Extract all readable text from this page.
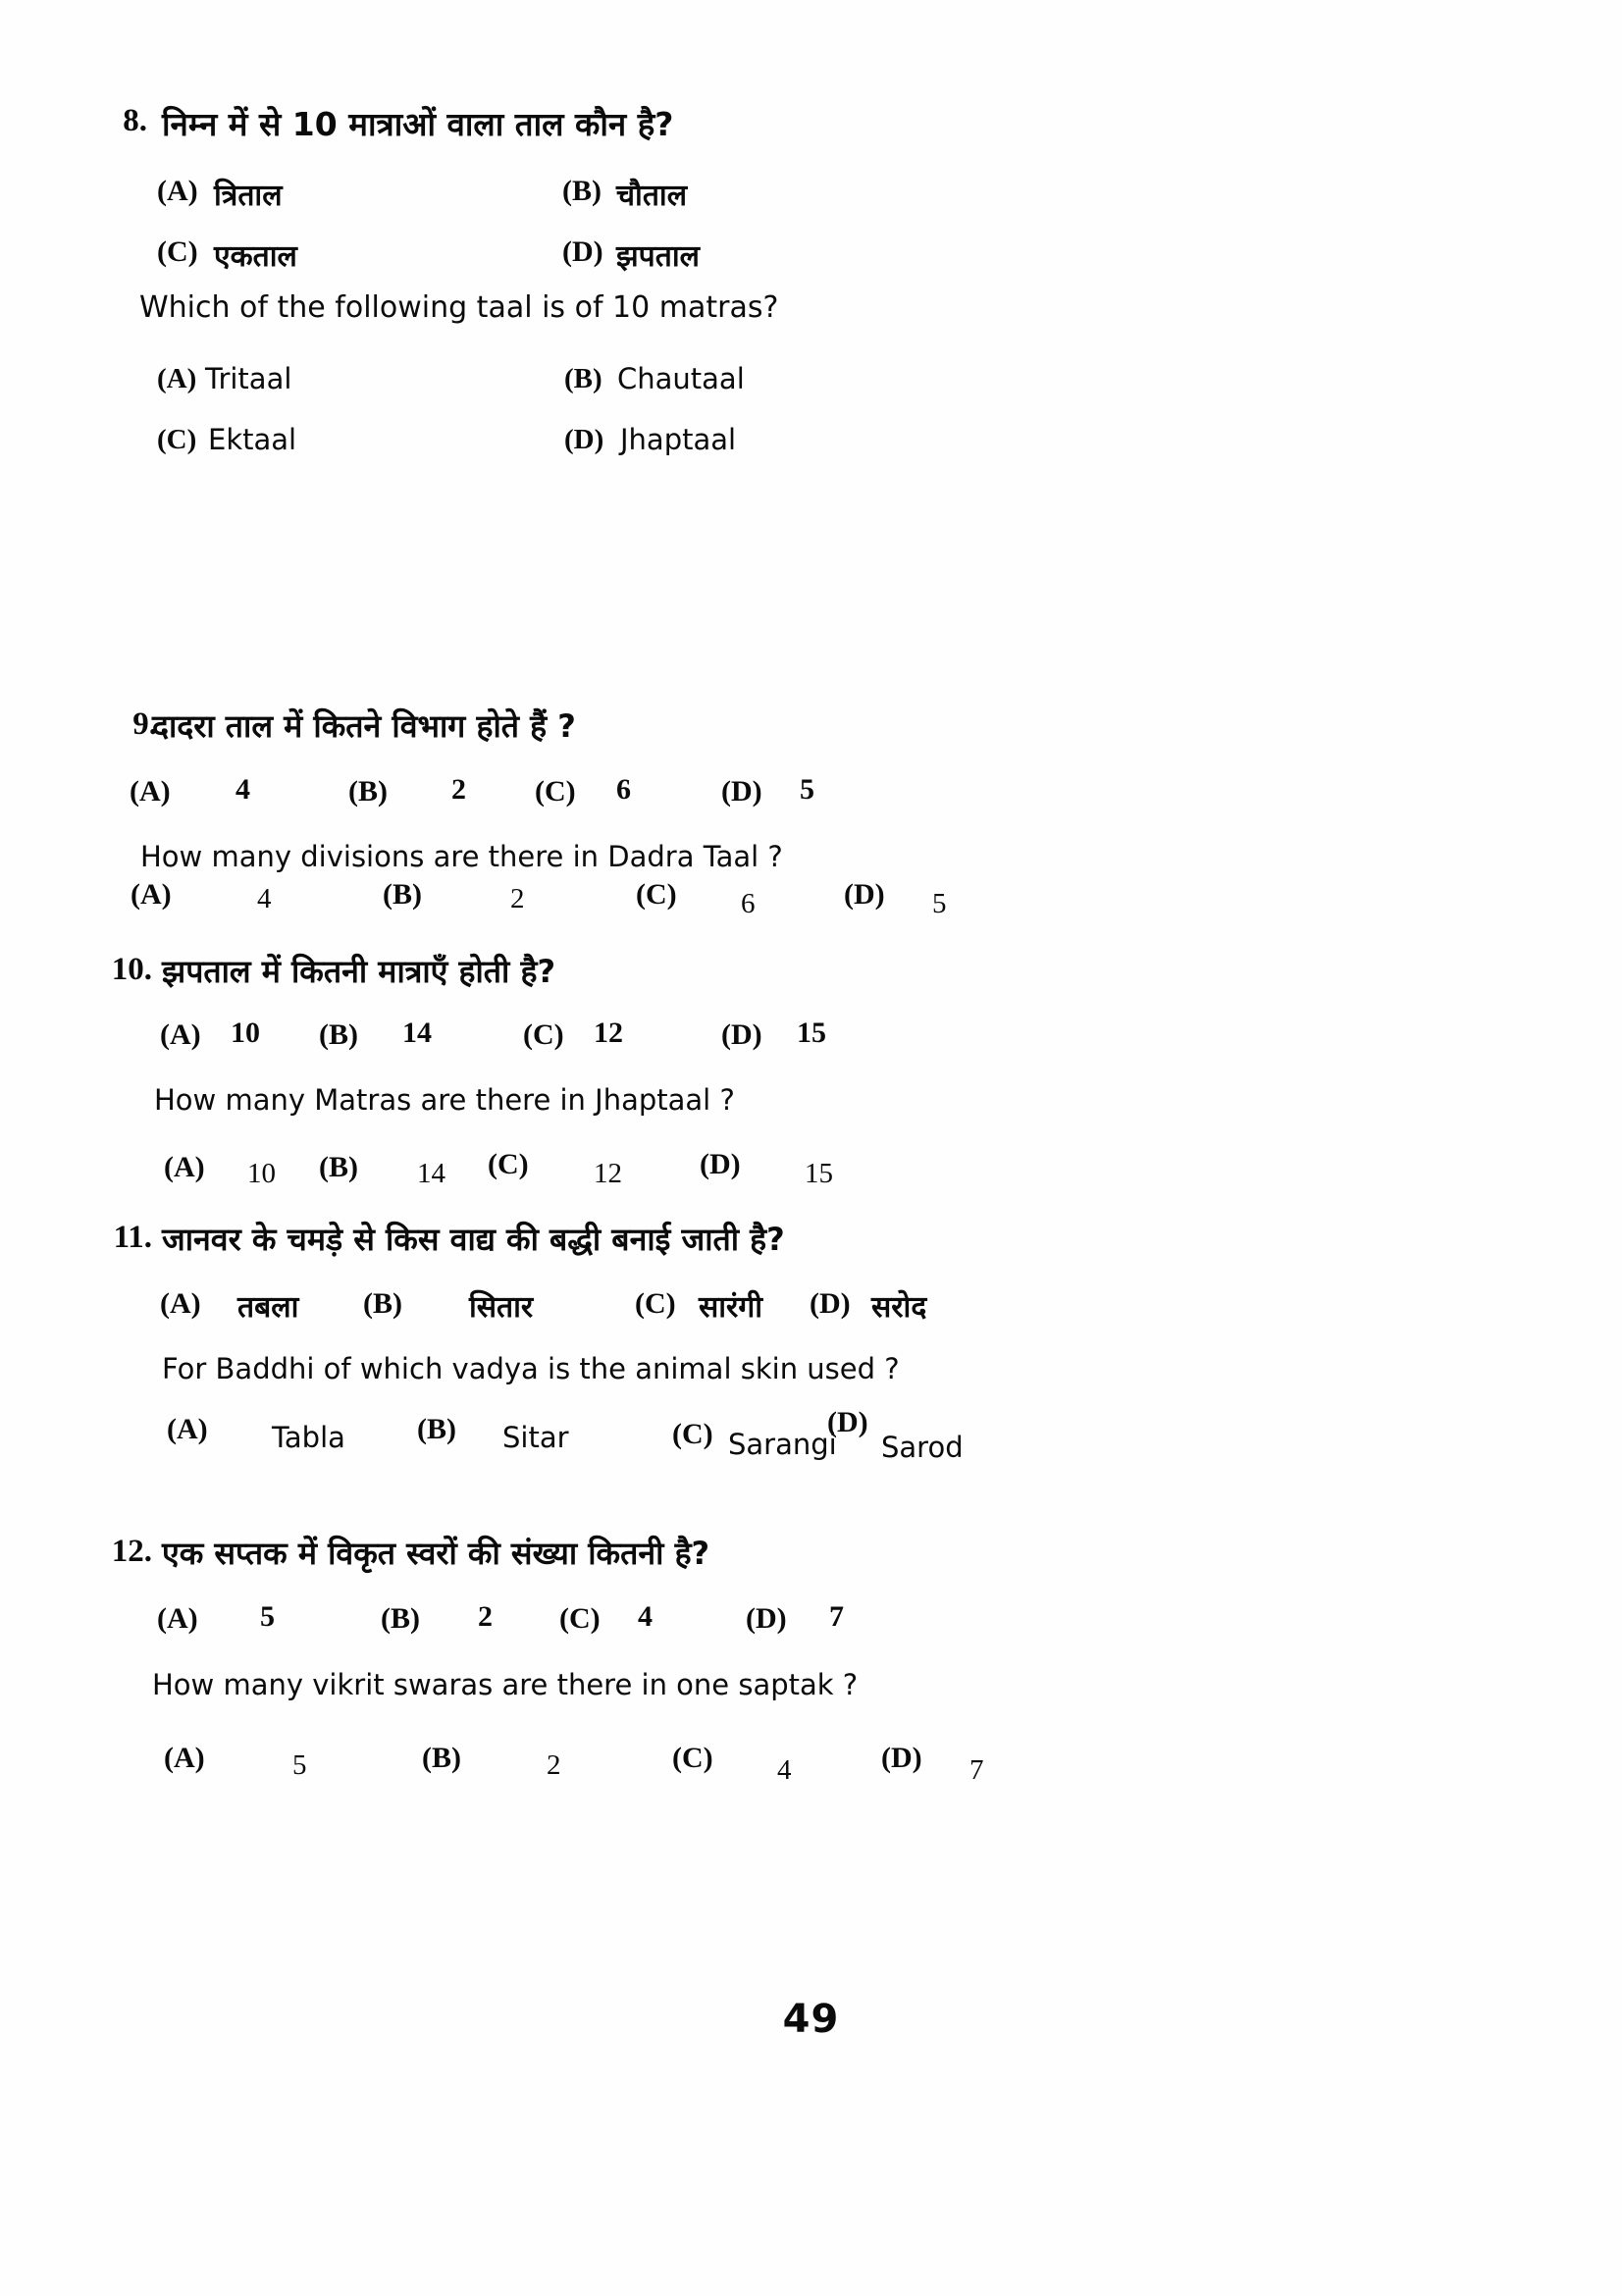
8. निम्न में से 10 मात्राओं वाला ताल कौन है?
(A) त्रिताल	(B) चौताल
(C) एकताल	(D) झपताल
Which of the following taal is of 10 matras?
(A) Tritaal	(B) Chautaal
(C) Ektaal	(D) Jhaptaal
9.
दादरा ताल में कितने विभाग होते हैं ?
(A) 4	(B) 2 (C) 6	(D) 5
How many divisions are there in Dadra Taal ?
(A)	4	(B)	2	(C) 6	(D) 5
10. झपताल में कितनी मात्राएँ होती है?
(A) 10 (B) 14	(C) 12	(D) 15
How many Matras are there in Jhaptaal ?
(A) 10 (B) 14 (C) 12	(D) 15
11. जानवर के चमड़े से किस वाद्य की बद्धी बनाई जाती है?
(A) तबला (B) सितार	(C) सारंगी (D) सरोद
For Baddhi of which vadya is the animal skin used ?
(A) Tabla (B) Sitar	(C) Sarangi
(D)
Sarod
12. एक सप्तक में विकृत स्वरों की संख्या कितनी है?
(A) 5	(B) 2 (C) 4	(D) 7
How many vikrit swaras are there in one saptak ?
(A)	5	(B)	2	(C) 4	(D) 7
49
